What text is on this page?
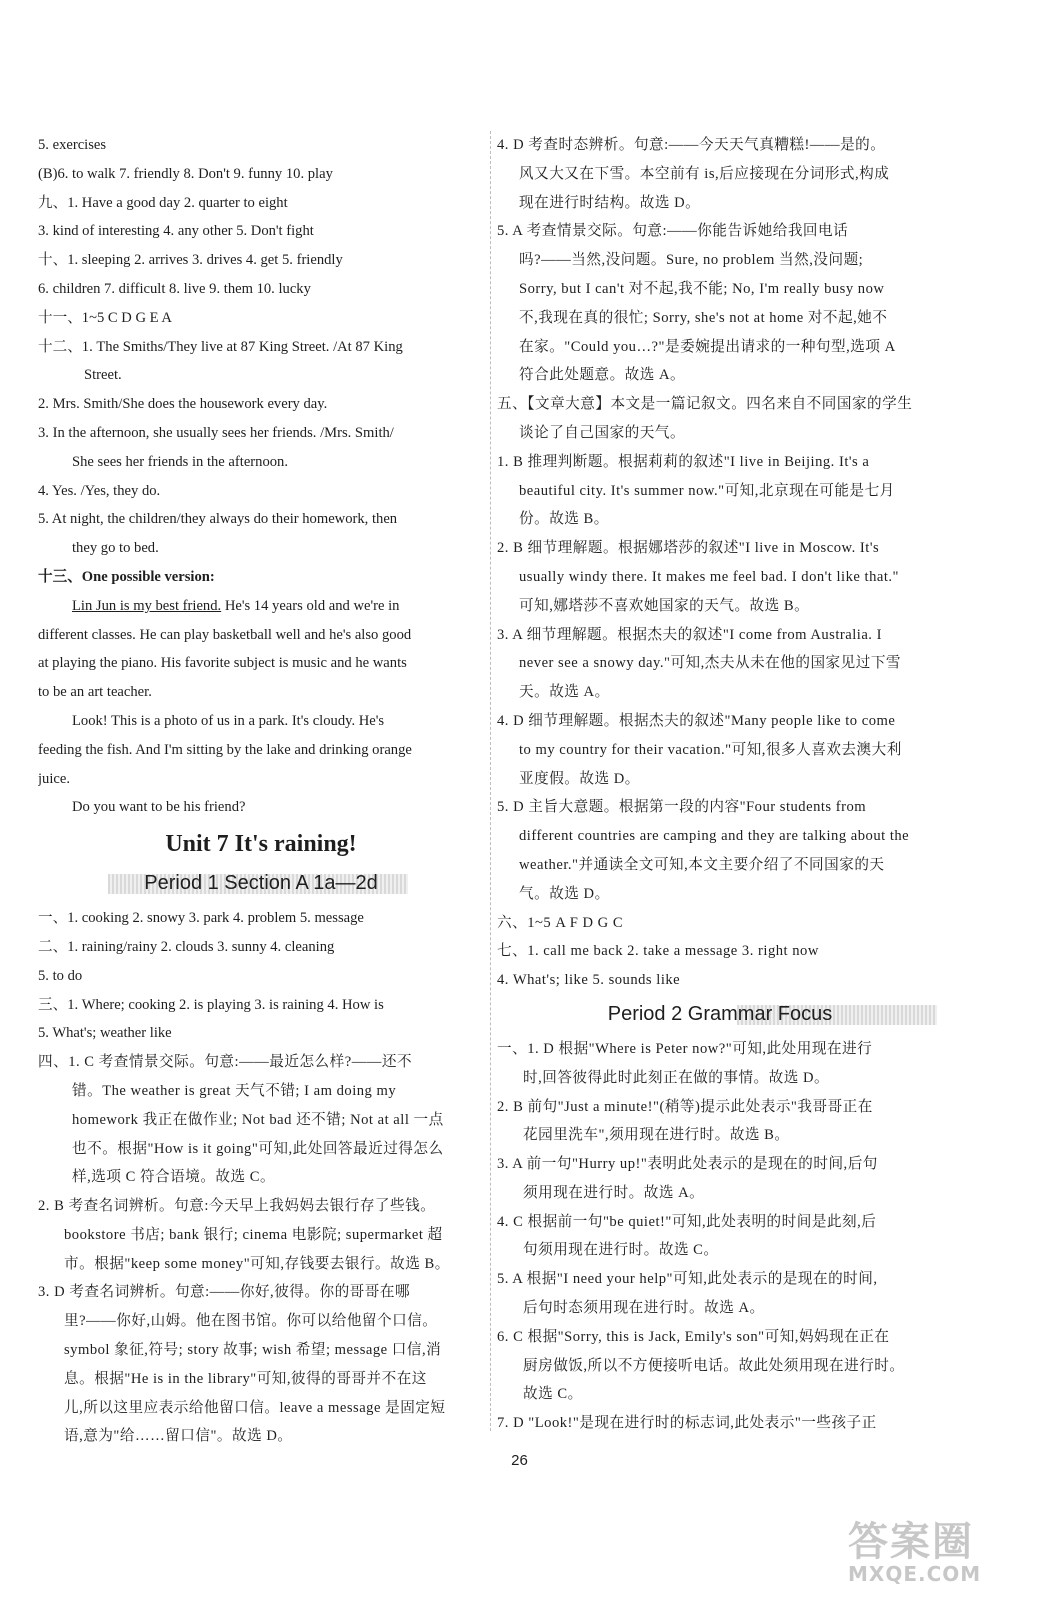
5. exercises
(B)6. to walk 7. friendly 8. Don't 9. funny 10. play
九、1. Have a good day 2. quarter to eight
3. kind of interesting 4. any other 5. Don't fight
十、1. sleeping 2. arrives 3. drives 4. get 5. friendly
6. children 7. difficult 8. live 9. them 10. lucky
十一、1~5 C D G E A
十二、1. The Smiths/They live at 87 King Street. /At 87 King
Street.
2. Mrs. Smith/She does the housework every day.
3. In the afternoon, she usually sees her friends. /Mrs. Smith/
She sees her friends in the afternoon.
4. Yes. /Yes, they do.
5. At night, the children/they always do their homework, then
they go to bed.
十三、One possible version:
Lin Jun is my best friend. He's 14 years old and we're in
different classes. He can play basketball well and he's also good
at playing the piano. His favorite subject is music and he wants
to be an art teacher.
Look! This is a photo of us in a park. It's cloudy. He's
feeding the fish. And I'm sitting by the lake and drinking orange
juice.
Do you want to be his friend?
Unit 7 It's raining!
Period 1 Section A 1a—2d
一、1. cooking 2. snowy 3. park 4. problem 5. message
二、1. raining/rainy 2. clouds 3. sunny 4. cleaning
5. to do
三、1. Where; cooking 2. is playing 3. is raining 4. How is
5. What's; weather like
四、1. C 考查情景交际。句意:——最近怎么样?——还不
错。The weather is great 天气不错; I am doing my
homework 我正在做作业; Not bad 还不错; Not at all 一点
也不。根据"How is it going"可知,此处回答最近过得怎么
样,选项 C 符合语境。故选 C。
2. B 考查名词辨析。句意:今天早上我妈妈去银行存了些钱。
bookstore 书店; bank 银行; cinema 电影院; supermarket 超
市。根据"keep some money"可知,存钱要去银行。故选 B。
3. D 考查名词辨析。句意:——你好,彼得。你的哥哥在哪
里?——你好,山姆。他在图书馆。你可以给他留个口信。
symbol 象征,符号; story 故事; wish 希望; message 口信,消
息。根据"He is in the library"可知,彼得的哥哥并不在这
儿,所以这里应表示给他留口信。leave a message 是固定短
语,意为"给……留口信"。故选 D。
4. D 考查时态辨析。句意:——今天天气真糟糕!——是的。
风又大又在下雪。本空前有 is,后应接现在分词形式,构成
现在进行时结构。故选 D。
5. A 考查情景交际。句意:——你能告诉她给我回电话
吗?——当然,没问题。Sure, no problem 当然,没问题;
Sorry, but I can't 对不起,我不能; No, I'm really busy now
不,我现在真的很忙; Sorry, she's not at home 对不起,她不
在家。"Could you…?"是委婉提出请求的一种句型,选项 A
符合此处题意。故选 A。
五、【文章大意】本文是一篇记叙文。四名来自不同国家的学生
谈论了自己国家的天气。
1. B 推理判断题。根据莉莉的叙述"I live in Beijing. It's a
beautiful city. It's summer now."可知,北京现在可能是七月
份。故选 B。
2. B 细节理解题。根据娜塔莎的叙述"I live in Moscow. It's
usually windy there. It makes me feel bad. I don't like that."
可知,娜塔莎不喜欢她国家的天气。故选 B。
3. A 细节理解题。根据杰夫的叙述"I come from Australia. I
never see a snowy day."可知,杰夫从未在他的国家见过下雪
天。故选 A。
4. D 细节理解题。根据杰夫的叙述"Many people like to come
to my country for their vacation."可知,很多人喜欢去澳大利
亚度假。故选 D。
5. D 主旨大意题。根据第一段的内容"Four students from
different countries are camping and they are talking about the
weather."并通读全文可知,本文主要介绍了不同国家的天
气。故选 D。
六、1~5 A F D G C
七、1. call me back 2. take a message 3. right now
4. What's; like 5. sounds like
Period 2 Grammar Focus
一、1. D 根据"Where is Peter now?"可知,此处用现在进行
时,回答彼得此时此刻正在做的事情。故选 D。
2. B 前句"Just a minute!"(稍等)提示此处表示"我哥哥正在
花园里洗车",须用现在进行时。故选 B。
3. A 前一句"Hurry up!"表明此处表示的是现在的时间,后句
须用现在进行时。故选 A。
4. C 根据前一句"be quiet!"可知,此处表明的时间是此刻,后
句须用现在进行时。故选 C。
5. A 根据"I need your help"可知,此处表示的是现在的时间,
后句时态须用现在进行时。故选 A。
6. C 根据"Sorry, this is Jack, Emily's son"可知,妈妈现在正在
厨房做饭,所以不方便接听电话。故此处须用现在进行时。
故选 C。
7. D "Look!"是现在进行时的标志词,此处表示"一些孩子正
26
答案圈
MXQE.COM
